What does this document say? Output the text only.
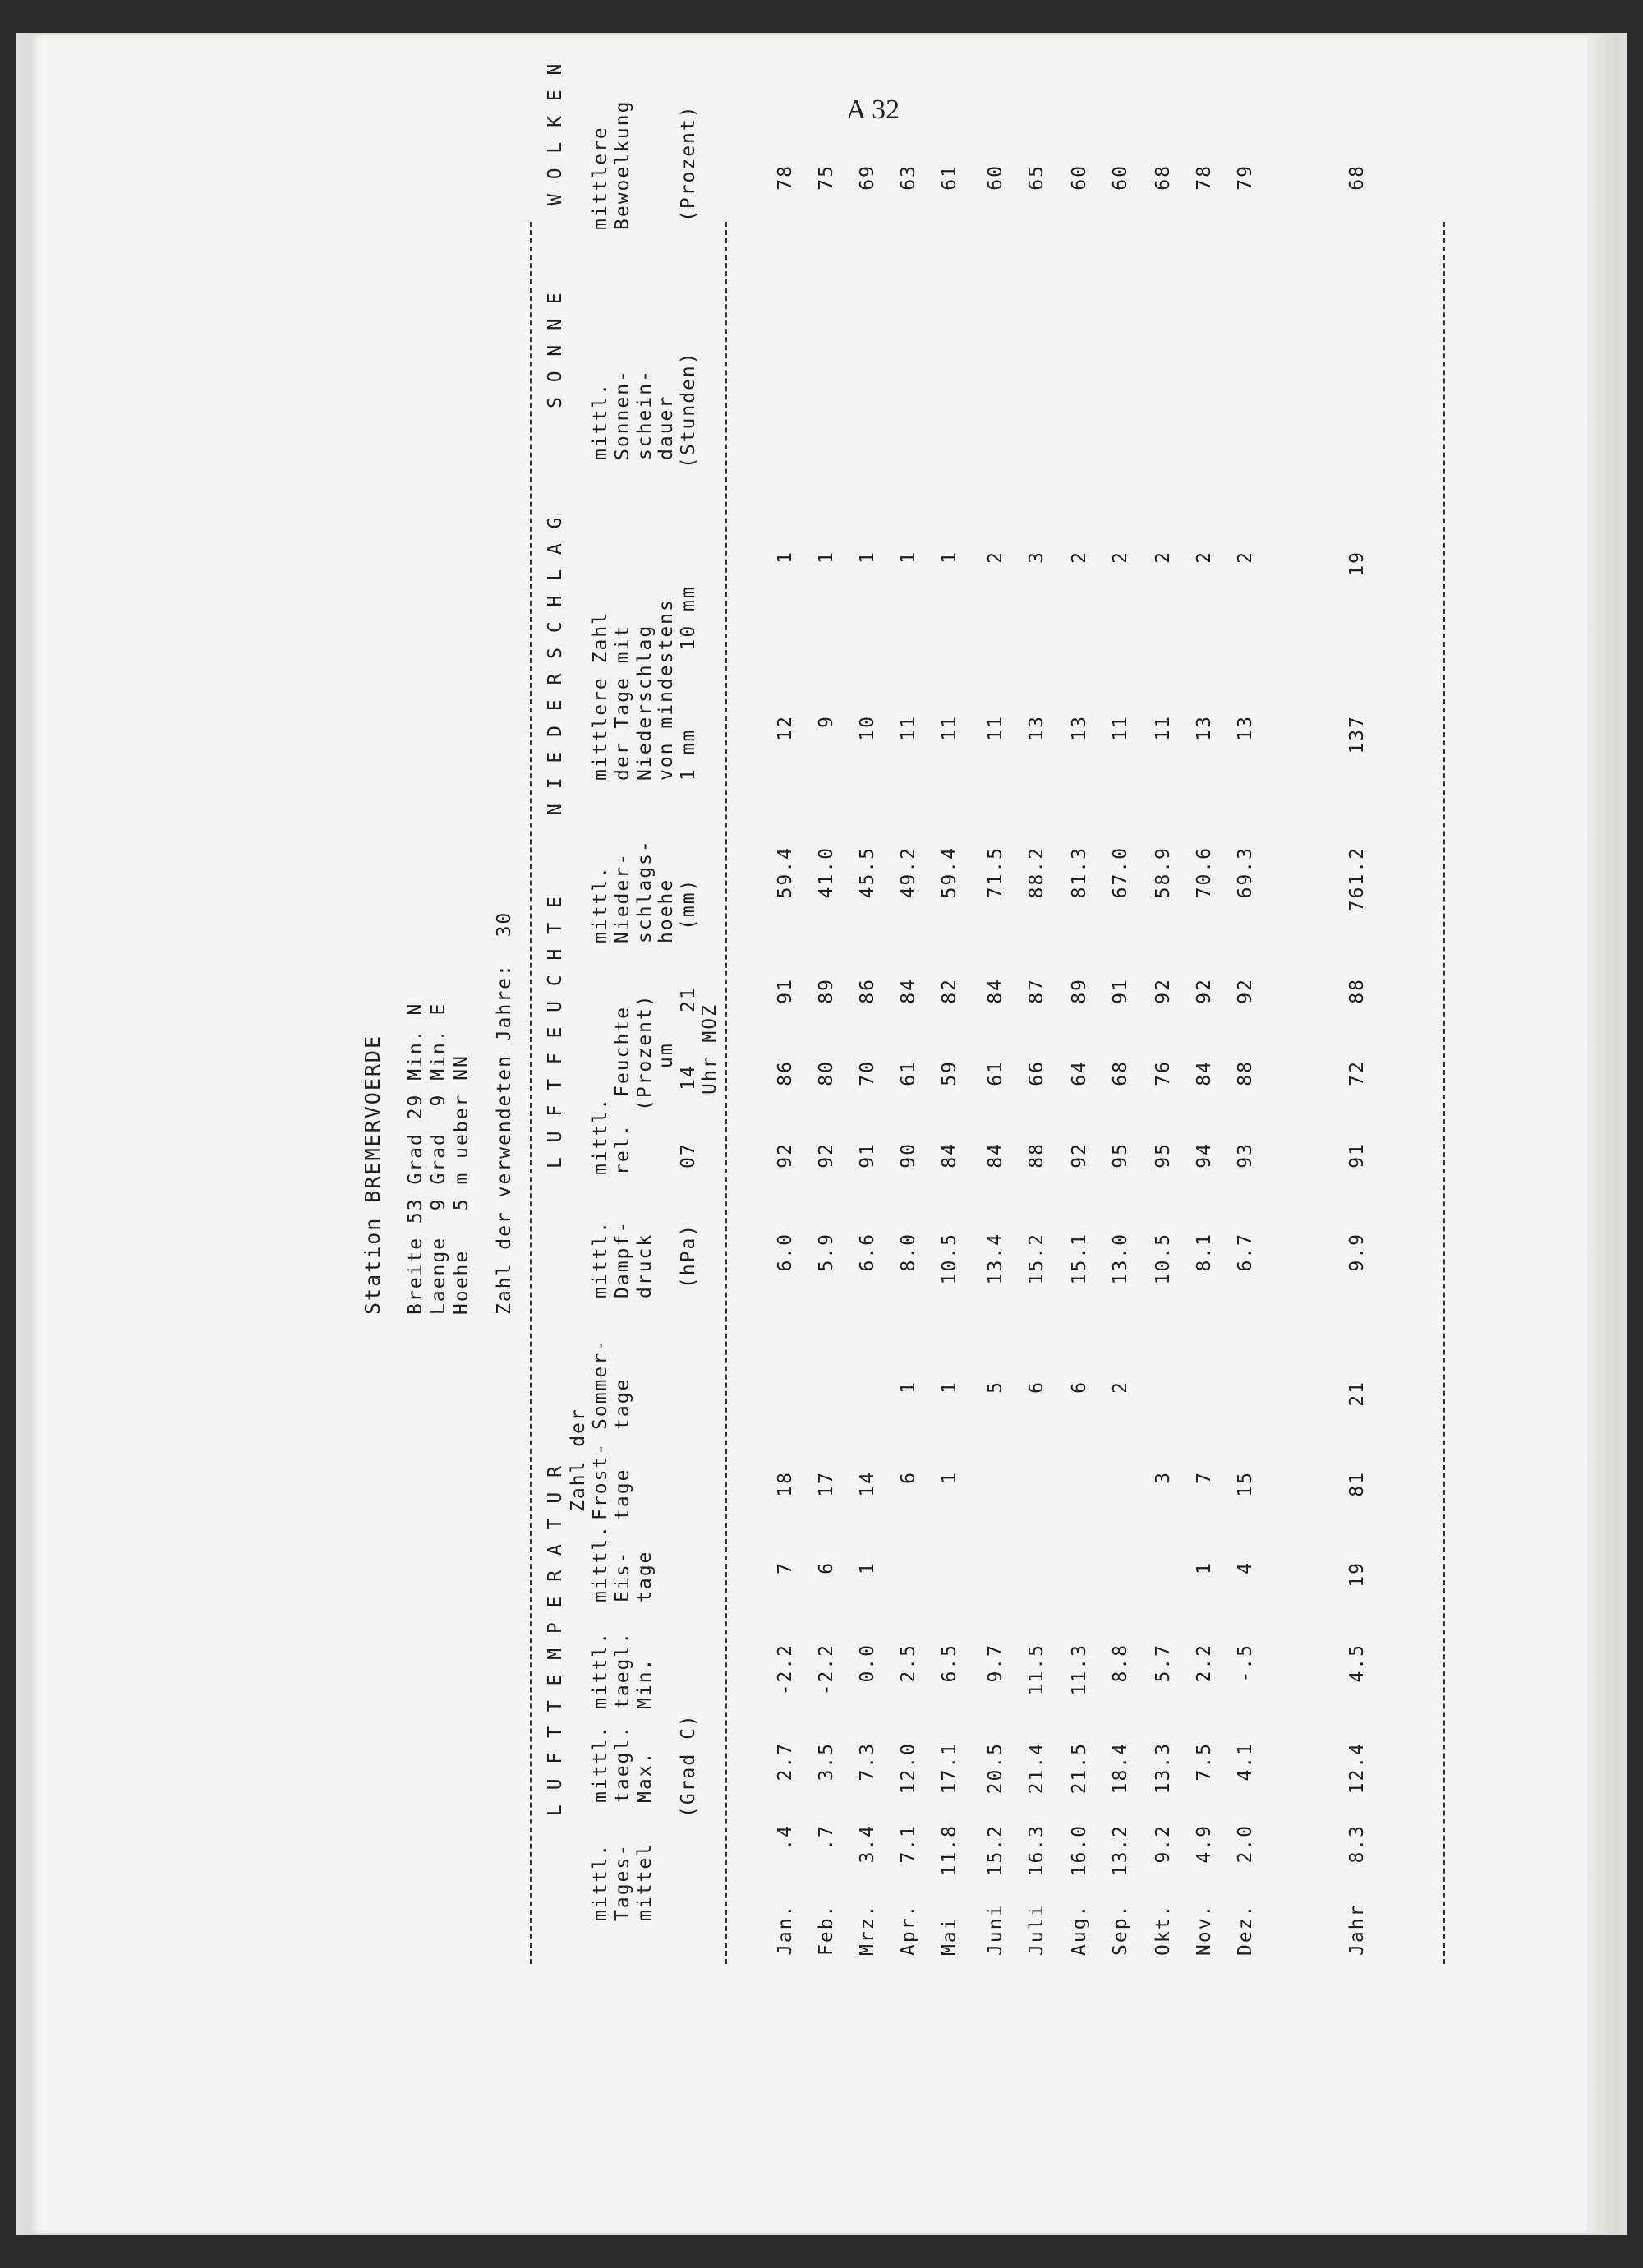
A 32
Station BREMERVOERDE Breite 53 Grad 29 Min. N Laenge  9 Grad  9 Min. E Hoehe   5 m ueber NN Zahl der verwendeten Jahre:  30
L U F T T E M P E R A T U R
L U F T F E U C H T E
N I E D E R S C H L A G
S O N N E
W O L K E N
mittl. Tages- mittel
mittl. taegl. Max.
mittl. taegl. Min.
(Grad C)
mittl. Eis- tage
Zahl der Frost- tage
Sommer- tage
mittl. Dampf- druck (hPa)
mittl. rel.  Feuchte (Prozent) um 07    14    21 Uhr MOZ
mittl. Nieder- schlags- hoehe (mm)
mittlere Zahl der Tage mit Niederschlag von mindestens 1 mm      10 mm
mittl. Sonnen- schein- dauer (Stunden)
mittlere Bewoelkung (Prozent)
Jan.
.4
2.7
-2.2
7
18
6.0
92
86
91
59.4
12
1
78
Feb.
.7
3.5
-2.2
6
17
5.9
92
80
89
41.0
9
1
75
Mrz.
3.4
7.3
0.0
1
14
6.6
91
70
86
45.5
10
1
69
Apr.
7.1
12.0
2.5
6
1
8.0
90
61
84
49.2
11
1
63
Mai
11.8
17.1
6.5
1
1
10.5
84
59
82
59.4
11
1
61
Juni
15.2
20.5
9.7
5
13.4
84
61
84
71.5
11
2
60
Juli
16.3
21.4
11.5
6
15.2
88
66
87
88.2
13
3
65
Aug.
16.0
21.5
11.3
6
15.1
92
64
89
81.3
13
2
60
Sep.
13.2
18.4
8.8
2
13.0
95
68
91
67.0
11
2
60
Okt.
9.2
13.3
5.7
3
10.5
95
76
92
58.9
11
2
68
Nov.
4.9
7.5
2.2
1
7
8.1
94
84
92
70.6
13
2
78
Dez.
2.0
4.1
-.5
4
15
6.7
93
88
92
69.3
13
2
79
Jahr
8.3
12.4
4.5
19
81
21
9.9
91
72
88
761.2
137
19
68
